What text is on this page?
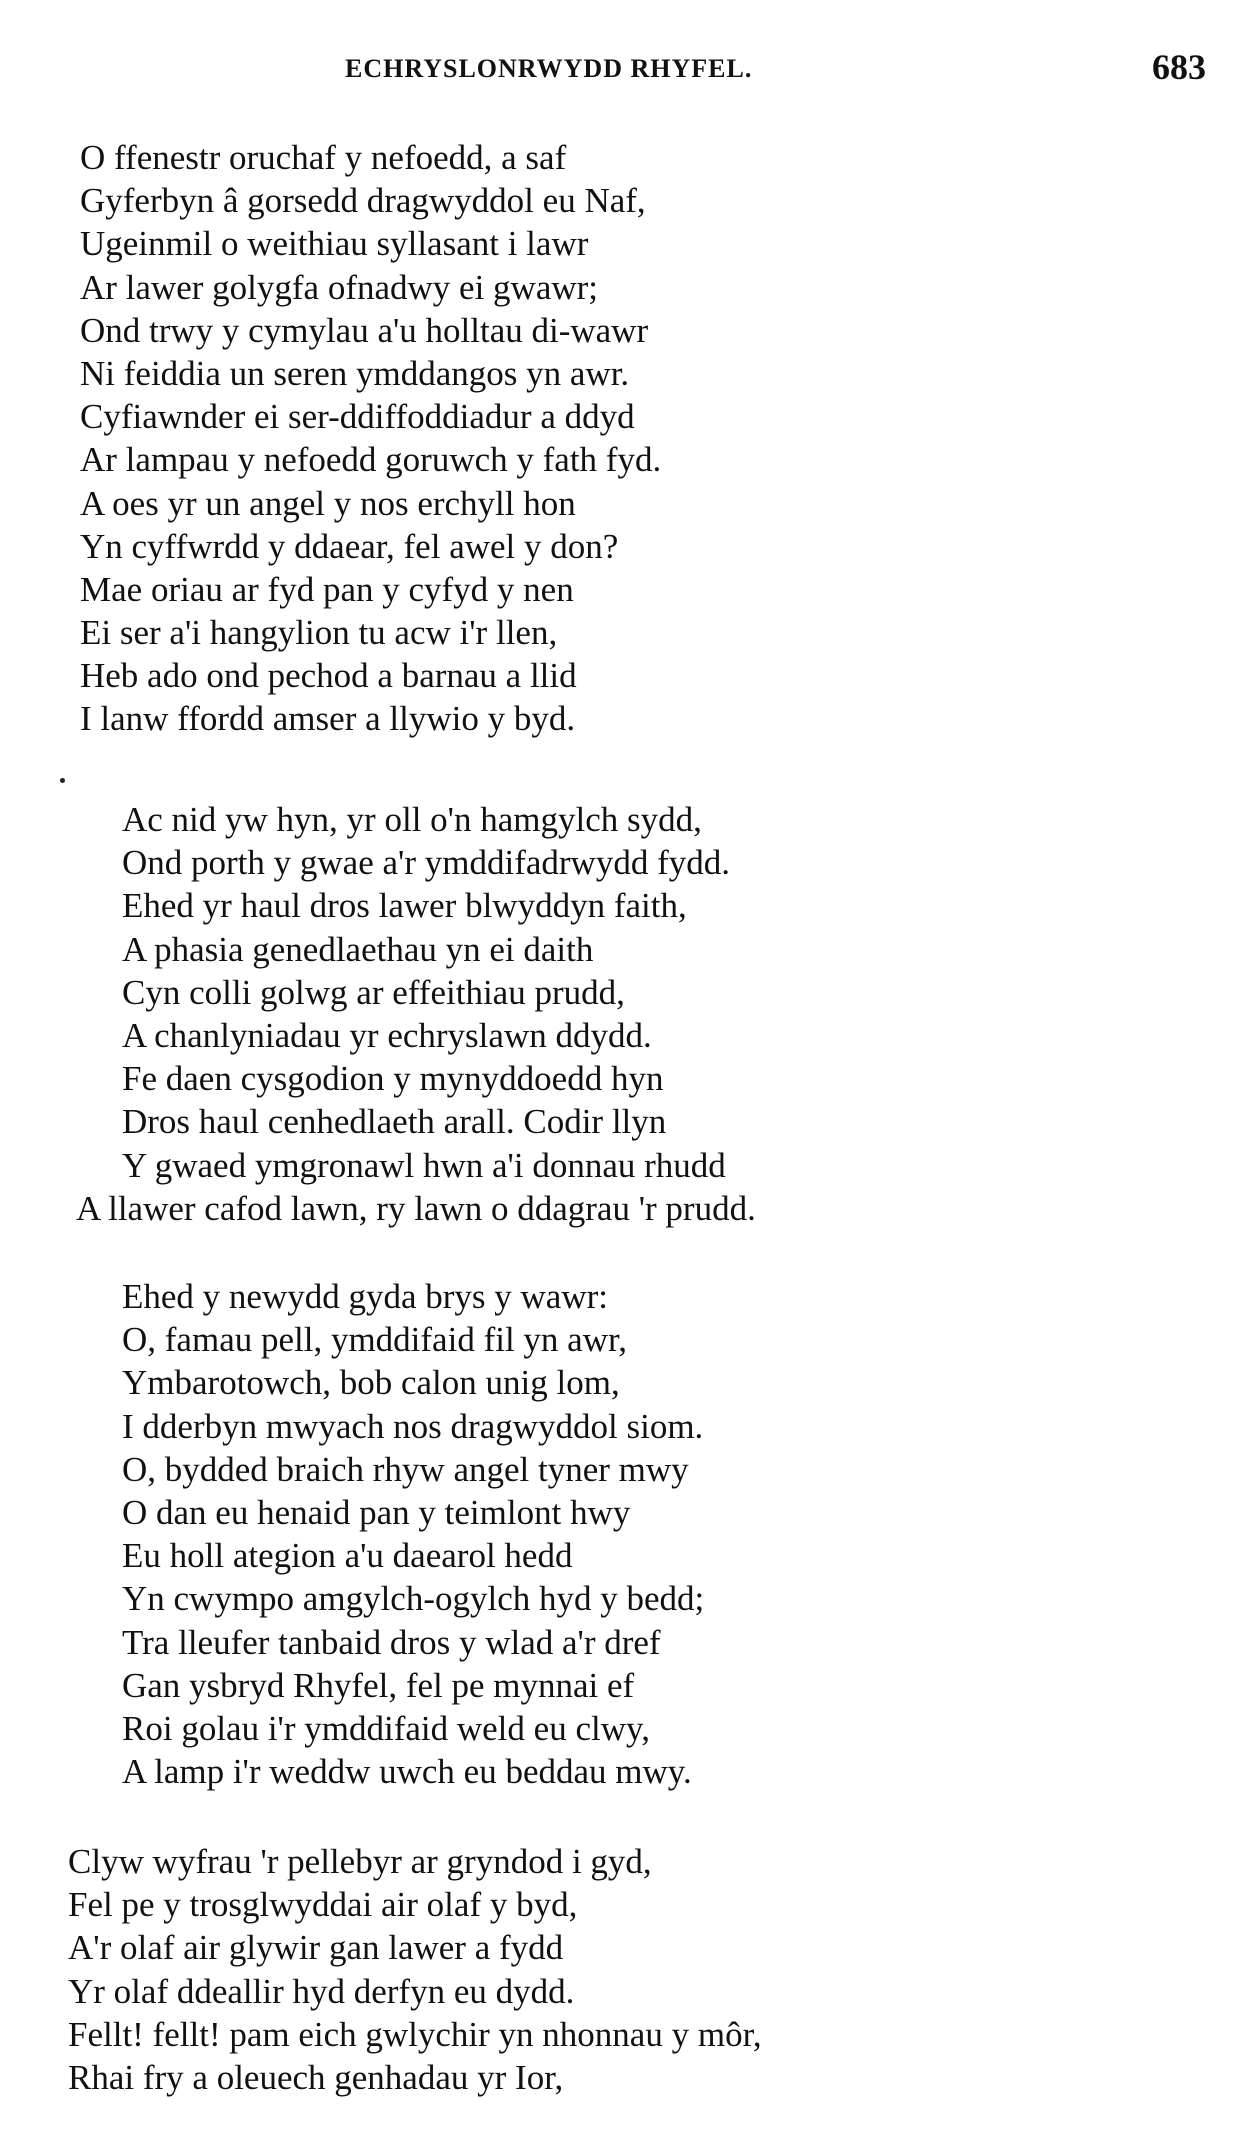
ECHRYSLONRWYDD RHYFEL.	683
O ffenestr oruchaf y nefoedd, a saf
Gyferbyn â gorsedd dragwyddol eu Naf,
Ugeinmil o weithiau syllasant i lawr
Ar lawer golygfa ofnadwy ei gwawr;
Ond trwy y cymylau a'u holltau di-wawr
Ni feiddia un seren ymddangos yn awr.
Cyfiawnder ei ser-ddiffoddiadur a ddyd
Ar lampau y nefoedd goruwch y fath fyd.
A oes yr un angel y nos erchyll hon
Yn cyffwrdd y ddaear, fel awel y don?
Mae oriau ar fyd pan y cyfyd y nen
Ei ser a'i hangylion tu acw i'r llen,
Heb ado ond pechod a barnau a llid
I lanw ffordd amser a llywio y byd.
Ac nid yw hyn, yr oll o'n hamgylch sydd,
Ond porth y gwae a'r ymddifadrwydd fydd.
Ehed yr haul dros lawer blwyddyn faith,
A phasia genedlaethau yn ei daith
Cyn colli golwg ar effeithiau prudd,
A chanlyniadau yr echryslawn ddydd.
Fe daen cysgodion y mynyddoedd hyn
Dros haul cenhedlaeth arall. Codir llyn
Y gwaed ymgronawl hwn a'i donnau rhudd
A llawer cafod lawn, ry lawn o ddagrau 'r prudd.
Ehed y newydd gyda brys y wawr:
O, famau pell, ymddifaid fil yn awr,
Ymbarotowch, bob calon unig lom,
I dderbyn mwyach nos dragwyddol siom.
O, bydded braich rhyw angel tyner mwy
O dan eu henaid pan y teimlont hwy
Eu holl ategion a'u daearol hedd
Yn cwympo amgylch-ogylch hyd y bedd;
Tra lleufer tanbaid dros y wlad a'r dref
Gan ysbryd Rhyfel, fel pe mynnai ef
Roi golau i'r ymddifaid weld eu clwy,
A lamp i'r weddw uwch eu beddau mwy.
Clyw wyfrau 'r pellebyr ar gryndod i gyd,
Fel pe y trosglwyddai air olaf y byd,
A'r olaf air glywir gan lawer a fydd
Yr olaf ddeallir hyd derfyn eu dydd.
Fellt! fellt! pam eich gwlychir yn nhonnau y môr,
Rhai fry a oleuech genhadau yr Ior,
